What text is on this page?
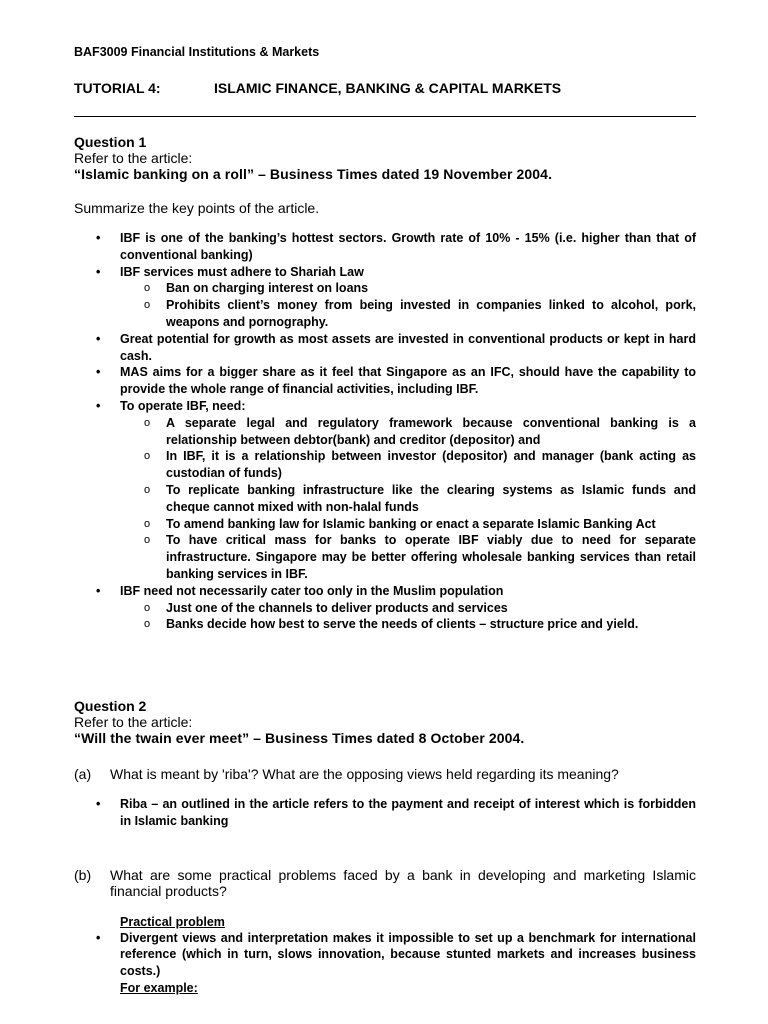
BAF3009 Financial Institutions & Markets
TUTORIAL 4:	ISLAMIC FINANCE, BANKING & CAPITAL MARKETS
Question 1
Refer to the article:
“Islamic banking on a roll” – Business Times dated 19 November 2004.
Summarize the key points of the article.
• IBF is one of the banking’s hottest sectors. Growth rate of 10% - 15% (i.e. higher than that of conventional banking)
• IBF services must adhere to Shariah Law
o Ban on charging interest on loans
o Prohibits client’s money from being invested in companies linked to alcohol, pork, weapons and pornography.
• Great potential for growth as most assets are invested in conventional products or kept in hard cash.
• MAS aims for a bigger share as it feel that Singapore as an IFC, should have the capability to provide the whole range of financial activities, including IBF.
• To operate IBF, need:
o A separate legal and regulatory framework because conventional banking is a relationship between debtor(bank) and creditor (depositor) and
o In IBF, it is a relationship between investor (depositor) and manager (bank acting as custodian of funds)
o To replicate banking infrastructure like the clearing systems as Islamic funds and cheque cannot mixed with non-halal funds
o To amend banking law for Islamic banking or enact a separate Islamic Banking Act
o To have critical mass for banks to operate IBF viably due to need for separate infrastructure. Singapore may be better offering wholesale banking services than retail banking services in IBF.
• IBF need not necessarily cater too only in the Muslim population
o Just one of the channels to deliver products and services
o Banks decide how best to serve the needs of clients – structure price and yield.
Question 2
Refer to the article:
“Will the twain ever meet” – Business Times dated 8 October 2004.
(a) What is meant by 'riba'? What are the opposing views held regarding its meaning?
• Riba – an outlined in the article refers to the payment and receipt of interest which is forbidden in Islamic banking
(b) What are some practical problems faced by a bank in developing and marketing Islamic financial products?
Practical problem
• Divergent views and interpretation makes it impossible to set up a benchmark for international reference (which in turn, slows innovation, because stunted markets and increases business costs.)
For example:
